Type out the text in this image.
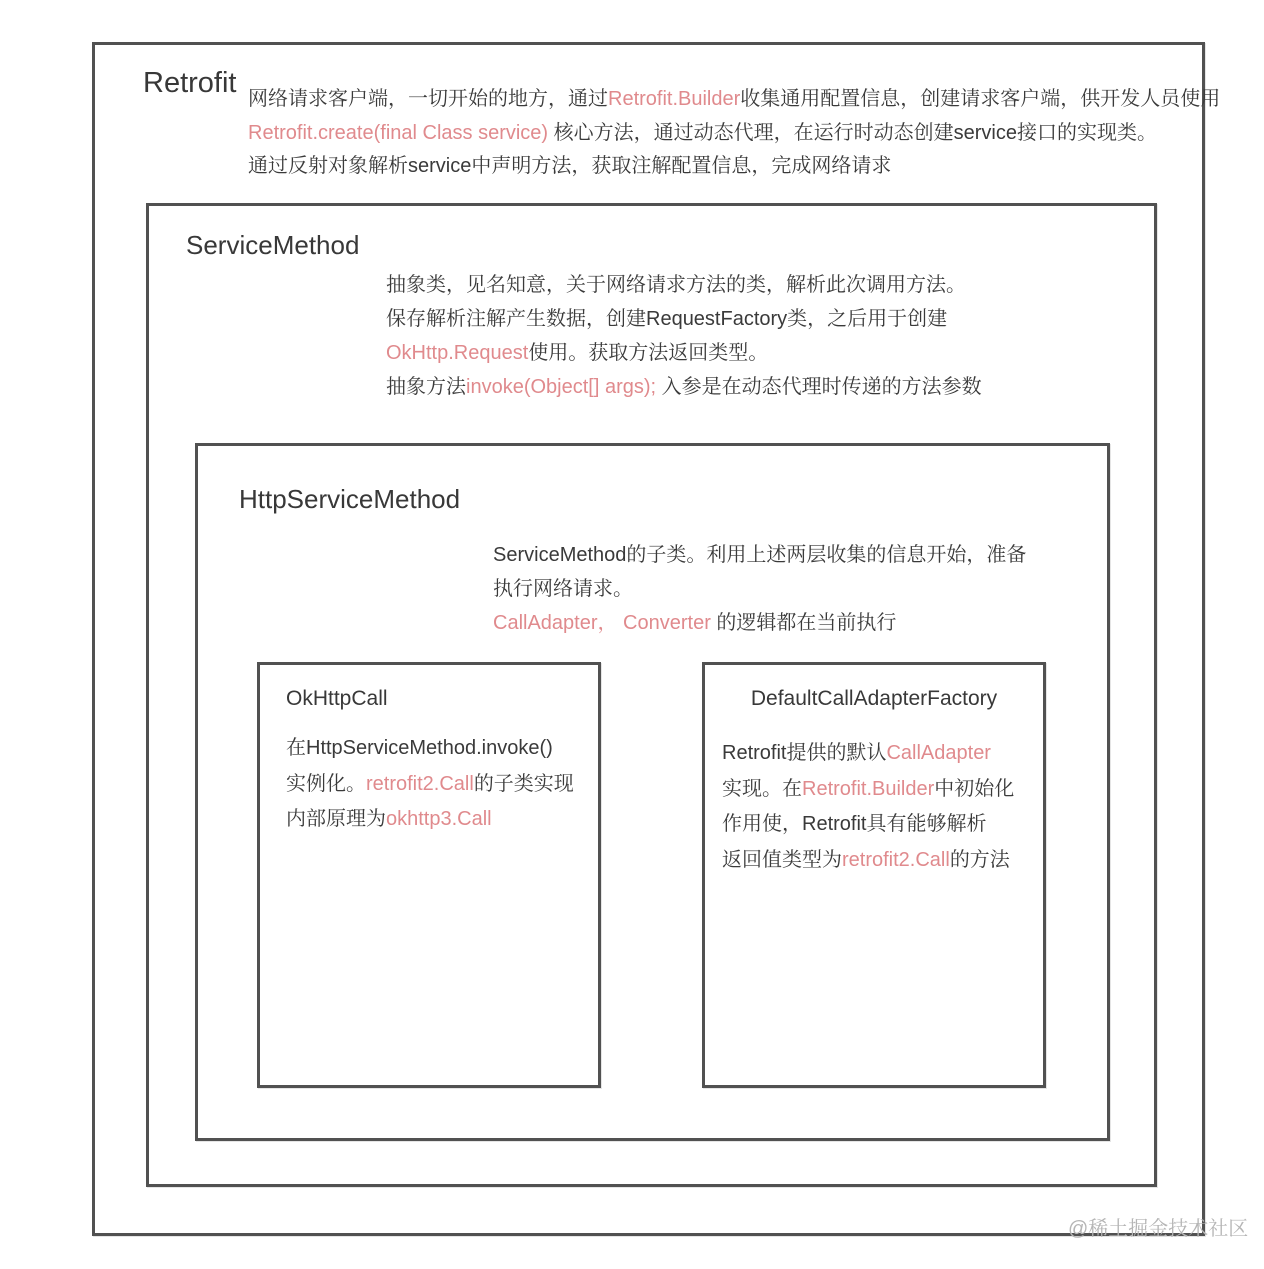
Retrofit 网络请求客户端，一切开始的地方，通过Retrofit.Builder收集通用配置信息，创建请求客户端，供开发人员使用
Retrofit.create(final Class service) 核心方法，通过动态代理，在运行时动态创建service接口的实现类。
通过反射对象解析service中声明方法，获取注解配置信息，完成网络请求
ServiceMethod
抽象类，见名知意，关于网络请求方法的类，解析此次调用方法。
保存解析注解产生数据，创建RequestFactory类，之后用于创建
OkHttp.Request使用。获取方法返回类型。
抽象方法invoke(Object[] args); 入参是在动态代理时传递的方法参数
HttpServiceMethod
ServiceMethod的子类。利用上述两层收集的信息开始，准备
执行网络请求。
CallAdapter， Converter 的逻辑都在当前执行
OkHttpCall
在HttpServiceMethod.invoke()
实例化。retrofit2.Call的子类实现
内部原理为okhttp3.Call
DefaultCallAdapterFactory
Retrofit提供的默认CallAdapter
实现。在Retrofit.Builder中初始化
作用使，Retrofit具有能够解析
返回值类型为retrofit2.Call的方法
@稀土掘金技术社区
